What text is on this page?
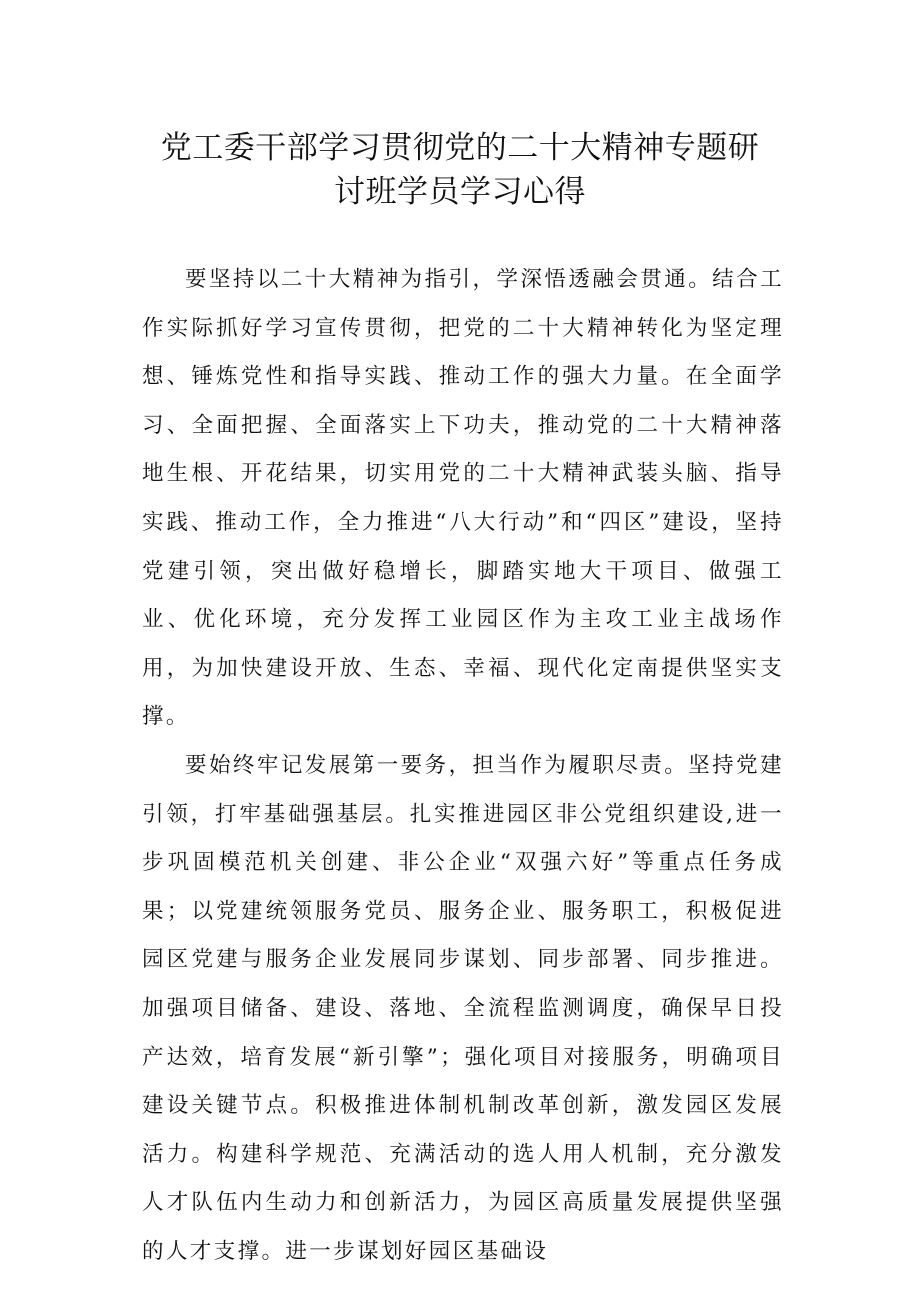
党工委干部学习贯彻党的二十大精神专题研
讨班学员学习心得

要坚持以二十大精神为指引，学深悟透融会贯通。结合工作实际抓好学习宣传贯彻，把党的二十大精神转化为坚定理想、锤炼党性和指导实践、推动工作的强大力量。在全面学习、全面把握、全面落实上下功夫，推动党的二十大精神落地生根、开花结果，切实用党的二十大精神武装头脑、指导实践、推动工作，全力推进“八大行动”和“四区”建设，坚持党建引领，突出做好稳增长，脚踏实地大干项目、做强工业、优化环境，充分发挥工业园区作为主攻工业主战场作用，为加快建设开放、生态、幸福、现代化定南提供坚实支撑。

要始终牢记发展第一要务，担当作为履职尽责。坚持党建引领，打牢基础强基层。扎实推进园区非公党组织建设,进一步巩固模范机关创建、非公企业“双强六好”等重点任务成果；以党建统领服务党员、服务企业、服务职工，积极促进园区党建与服务企业发展同步谋划、同步部署、同步推进。加强项目储备、建设、落地、全流程监测调度，确保早日投产达效，培育发展“新引擎”；强化项目对接服务，明确项目建设关键节点。积极推进体制机制改革创新，激发园区发展活力。构建科学规范、充满活动的选人用人机制，充分激发人才队伍内生动力和创新活力，为园区高质量发展提供坚强的人才支撑。进一步谋划好园区基础设
